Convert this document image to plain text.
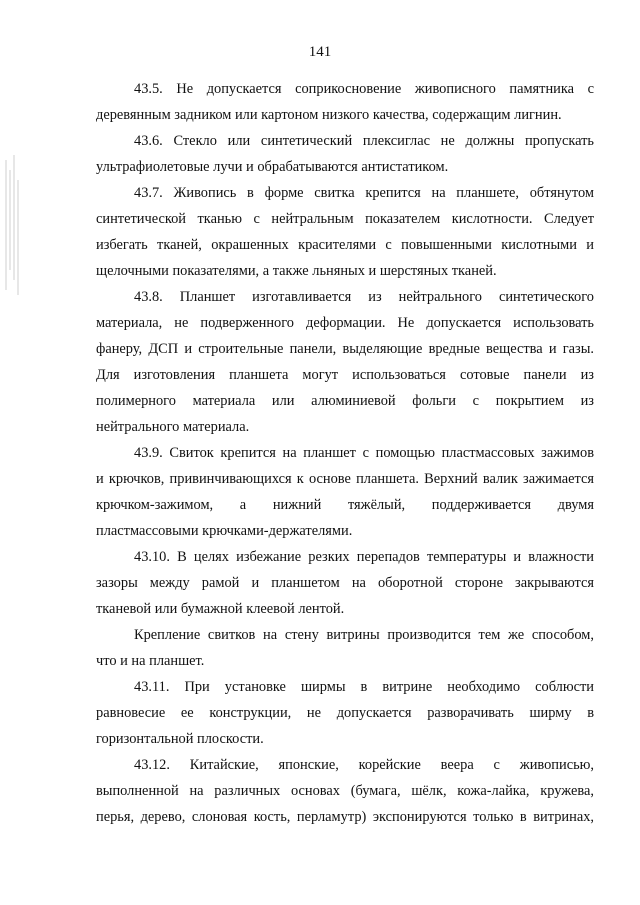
141
43.5. Не допускается соприкосновение живописного памятника с
деревянным задником или картоном низкого качества, содержащим лигнин.
43.6. Стекло или синтетический плексиглас не должны пропускать
ультрафиолетовые лучи и обрабатываются антистатиком.
43.7. Живопись в форме свитка крепится на планшете, обтянутом
синтетической тканью с нейтральным показателем кислотности. Следует
избегать тканей, окрашенных красителями с повышенными кислотными и
щелочными показателями, а также льняных и шерстяных тканей.
43.8. Планшет изготавливается из нейтрального синтетического
материала, не подверженного деформации. Не допускается использовать
фанеру, ДСП и строительные панели, выделяющие вредные вещества и газы.
Для изготовления планшета могут использоваться сотовые панели из
полимерного материала или алюминиевой фольги с покрытием из
нейтрального материала.
43.9. Свиток крепится на планшет с помощью пластмассовых зажимов
и крючков, привинчивающихся к основе планшета. Верхний валик зажимается
крючком-зажимом, а нижний тяжёлый, поддерживается двумя
пластмассовыми крючками-держателями.
43.10. В целях избежание резких перепадов температуры и влажности
зазоры между рамой и планшетом на оборотной стороне закрываются
тканевой или бумажной клеевой лентой.
Крепление свитков на стену витрины производится тем же способом,
что и на планшет.
43.11. При установке ширмы в витрине необходимо соблюсти
равновесие ее конструкции, не допускается разворачивать ширму в
горизонтальной плоскости.
43.12. Китайские, японские, корейские веера с живописью,
выполненной на различных основах (бумага, шёлк, кожа-лайка, кружева,
перья, дерево, слоновая кость, перламутр) экспонируются только в витринах,
